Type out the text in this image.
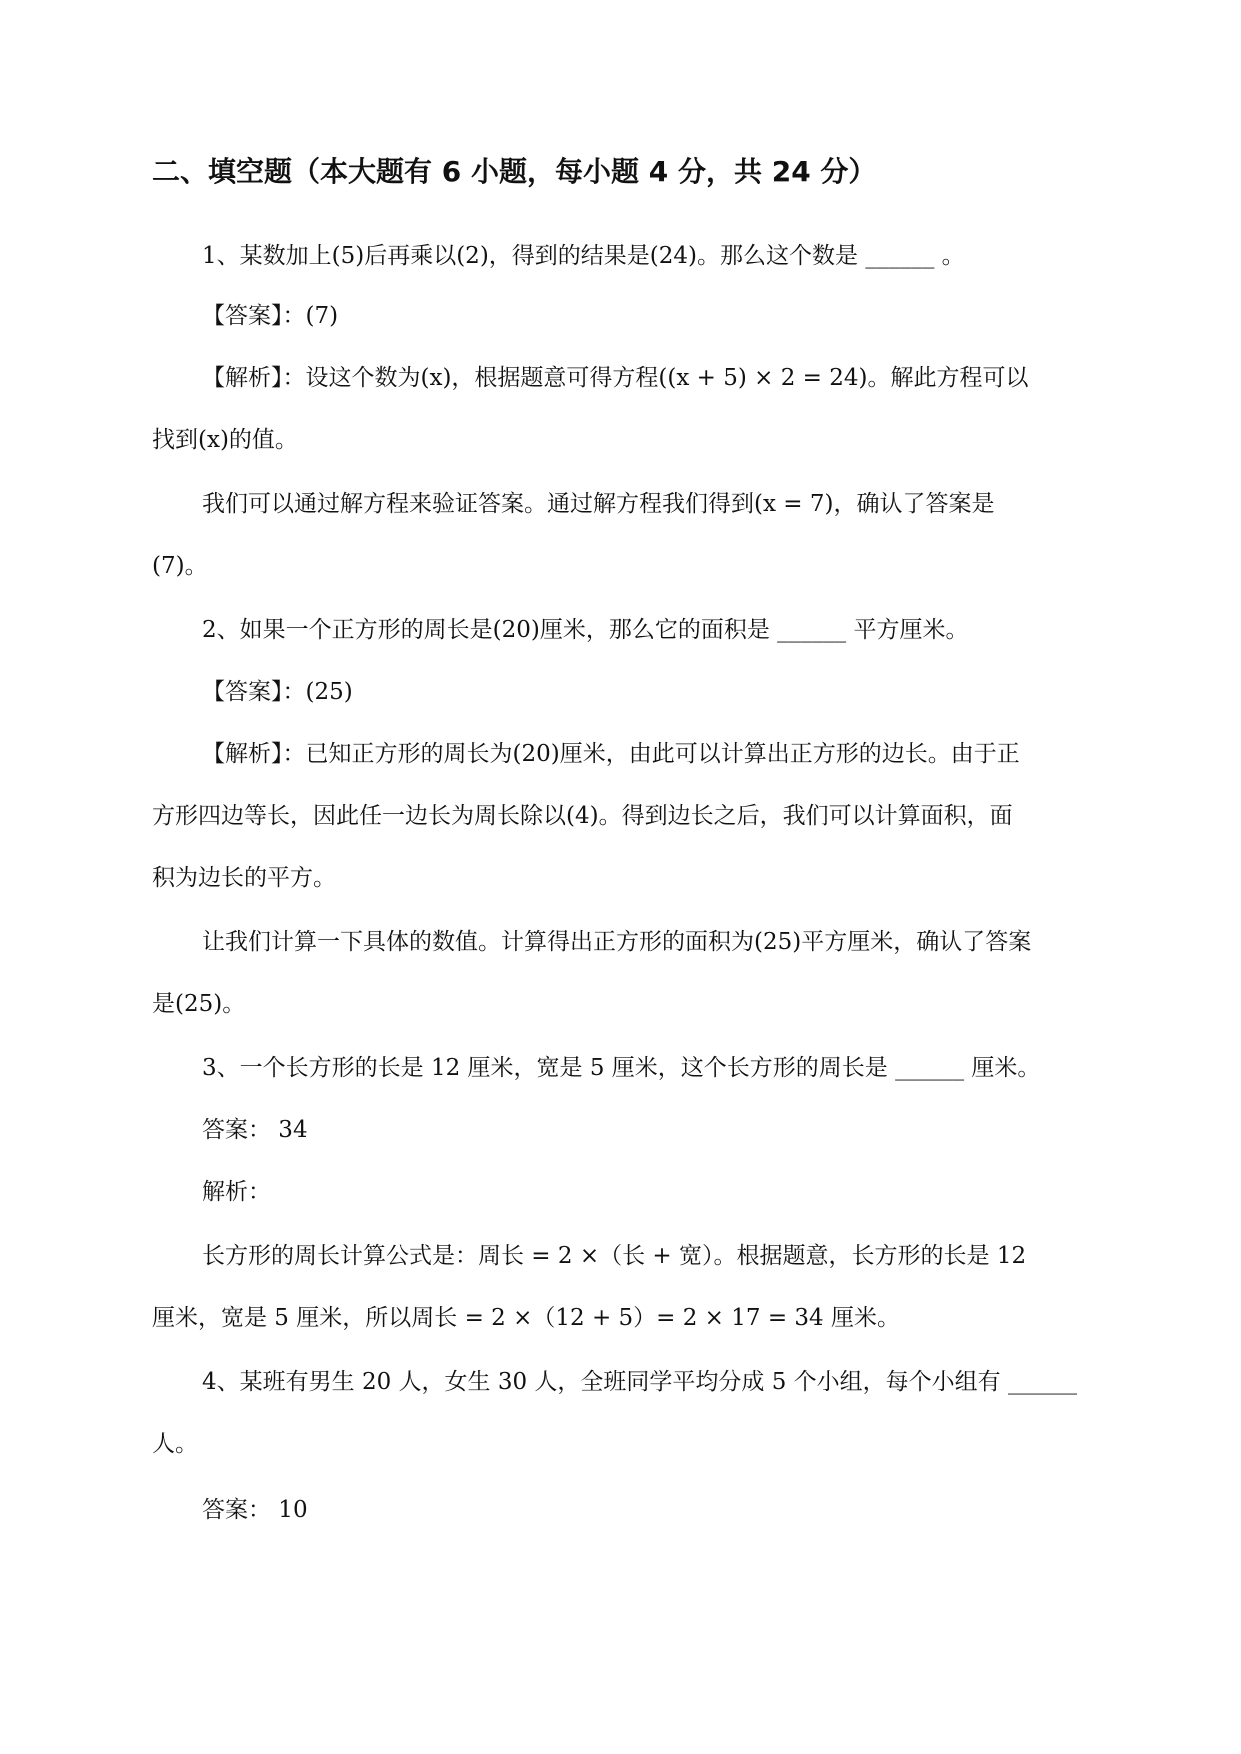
二、填空题（本大题有 6 小题，每小题 4 分，共 24 分）
1、某数加上(5)后再乘以(2)，得到的结果是(24)。那么这个数是 ______ 。
【答案】：(7)
【解析】：设这个数为(x)，根据题意可得方程((x + 5) × 2 = 24)。解此方程可以
找到(x)的值。
我们可以通过解方程来验证答案。通过解方程我们得到(x = 7)，确认了答案是
(7)。
2、如果一个正方形的周长是(20)厘米，那么它的面积是 ______ 平方厘米。
【答案】：(25)
【解析】：已知正方形的周长为(20)厘米，由此可以计算出正方形的边长。由于正
方形四边等长，因此任一边长为周长除以(4)。得到边长之后，我们可以计算面积，面
积为边长的平方。
让我们计算一下具体的数值。计算得出正方形的面积为(25)平方厘米，确认了答案
是(25)。
3、一个长方形的长是 12 厘米，宽是 5 厘米，这个长方形的周长是 ______ 厘米。
答案： 34
解析：
长方形的周长计算公式是：周长 = 2 ×（长 + 宽）。根据题意，长方形的长是 12
厘米，宽是 5 厘米，所以周长 = 2 ×（12 + 5）= 2 × 17 = 34 厘米。
4、某班有男生 20 人，女生 30 人，全班同学平均分成 5 个小组，每个小组有 ______
人。
答案： 10
